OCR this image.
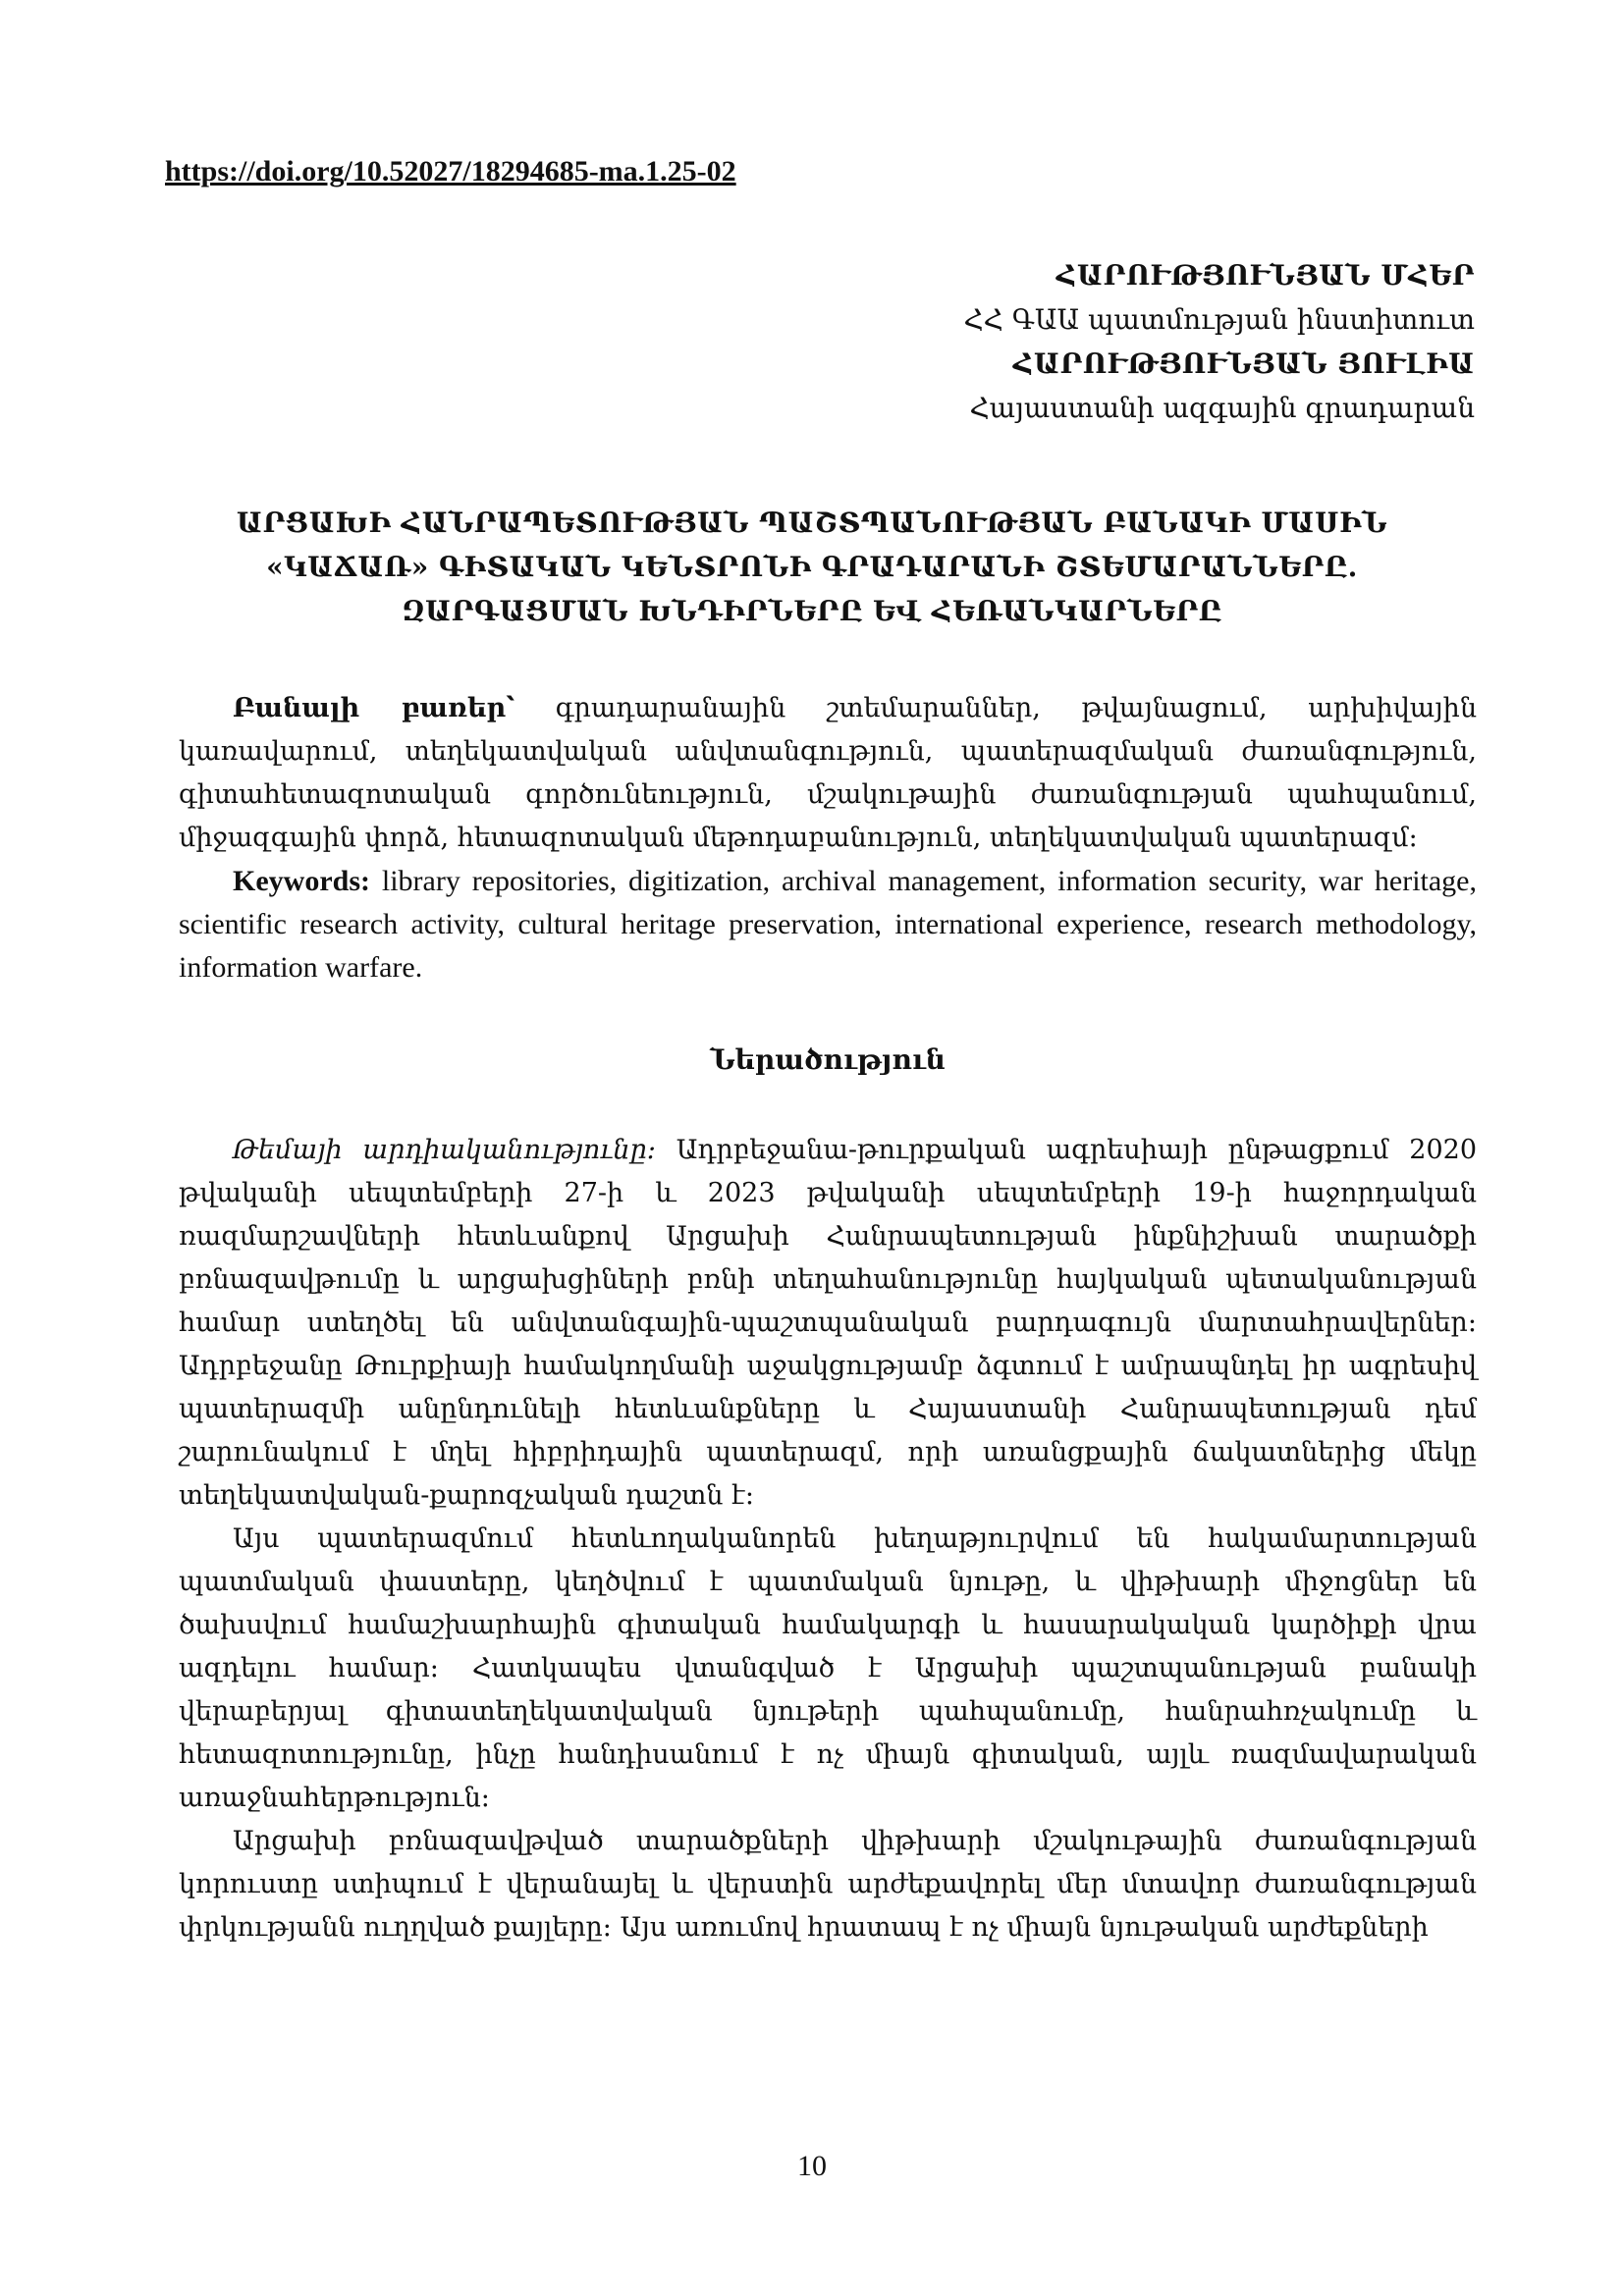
https://doi.org/10.52027/18294685-ma.1.25-02
ՀԱՐՈՒԹՅՈՒՆՅԱՆ ՄՀԵՐ
ՀՀ ԳԱԱ պատմության ինստիտուտ
ՀԱՐՈՒԹՅՈՒՆՅԱՆ ՅՈՒԼԻԱ
Հայաստանի ազգային գրադարան
ԱՐՑԱԽԻ ՀԱՆՐԱՊԵՏՈՒԹՅԱՆ ՊԱՇՏՊԱՆՈՒԹՅԱՆ ԲԱՆԱԿԻ ՄԱՍԻՆ
«ԿԱՃԱՌ» ԳԻՏԱԿԱՆ ԿԵՆՏՐՈՆԻ ԳՐԱԴԱՐԱՆԻ ՇՏԵՄԱՐԱՆՆԵՐԸ.
ԶԱՐԳԱՑՄԱՆ ԽՆԴԻՐՆԵՐԸ ԵՎ ՀԵՌԱՆԿԱՐՆԵՐԸ

Բանալի բառեր՝ գրադարանային շտեմարաններ, թվայնացում, արխիվային կառավարում, տեղեկատվական անվտանգություն, պատերազմական ժառանգություն, գիտահետազոտական գործունեություն, մշակութային ժառանգության պահպանում, միջազգային փորձ, հետազոտական մեթոդաբանություն, տեղեկատվական պատերազմ։

Keywords: library repositories, digitization, archival management, information security, war heritage, scientific research activity, cultural heritage preservation, international experience, research methodology, information warfare.

Ներածություն

Թեմայի արդիականությունը։ Ադրբեջանա-թուրքական ագրեսիայի ընթացքում 2020 թվականի սեպտեմբերի 27-ի և 2023 թվականի սեպտեմբերի 19-ի հաջորդական ռազմարշավների հետևանքով Արցախի Հանրապետության ինքնիշխան տարածքի բռնազավթումը և արցախցիների բռնի տեղահանությունը հայկական պետականության համար ստեղծել են անվտանգային-պաշտպանական բարդագույն մարտահրավերներ։ Ադրբեջանը Թուրքիայի համակողմանի աջակցությամբ ձգտում է ամրապնդել իր ագրեսիվ պատերազմի անընդունելի հետևանքները և Հայաստանի Հանրապետության դեմ շարունակում է մղել հիբրիդային պատերազմ, որի առանցքային ճակատներից մեկը տեղեկատվական-քարոզչական դաշտն է։

Այս պատերազմում հետևողականորեն խեղաթյուրվում են հակամարտության պատմական փաստերը, կեղծվում է պատմական նյութը, և վիթխարի միջոցներ են ծախսվում համաշխարհային գիտական համակարգի և հասարակական կարծիքի վրա ազդելու համար։ Հատկապես վտանգված է Արցախի պաշտպանության բանակի վերաբերյալ գիտատեղեկատվական նյութերի պահպանումը, հանրահռչակումը և հետազոտությունը, ինչը հանդիսանում է ոչ միայն գիտական, այլև ռազմավարական առաջնահերթություն։

Արցախի բռնազավթված տարածքների վիթխարի մշակութային ժառանգության կորուստը ստիպում է վերանայել և վերստին արժեքավորել մեր մտավոր ժառանգության փրկությանն ուղղված քայլերը։ Այս առումով հրատապ է ոչ միայն նյութական արժեքների

10
